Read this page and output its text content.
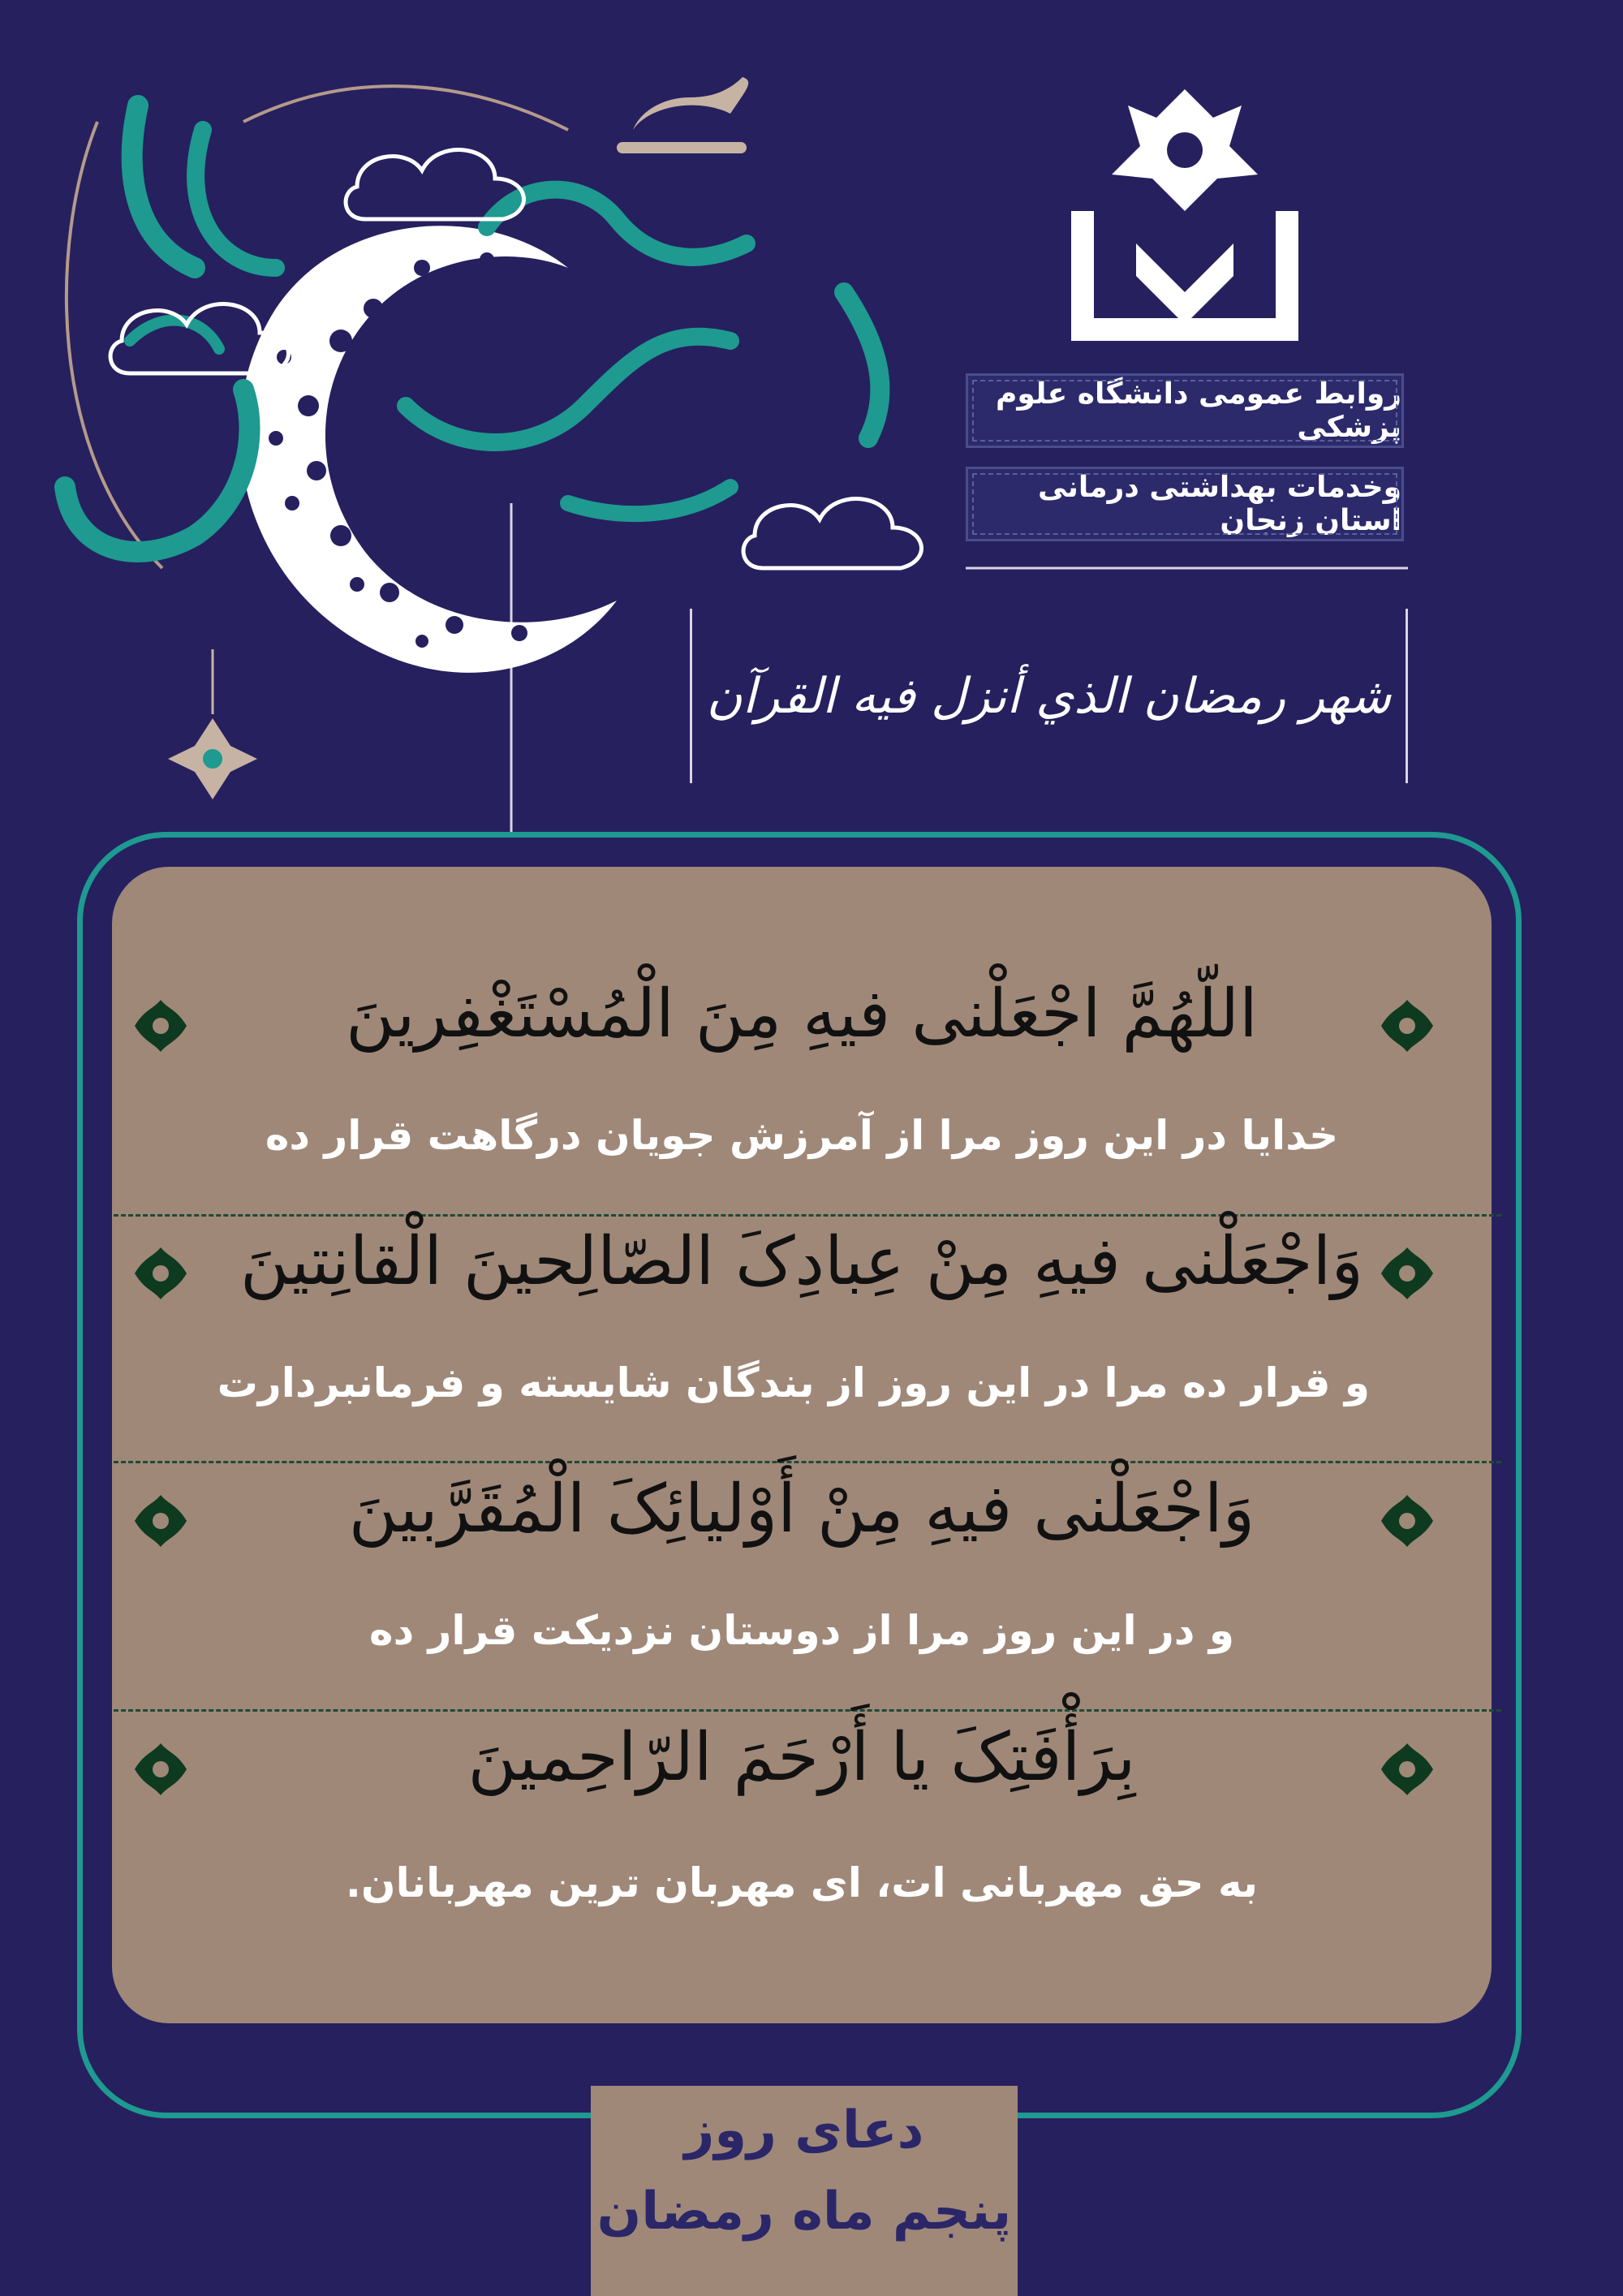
روابط عمومی دانشگاه علوم پزشکی
وخدمات بهداشتی درمانی استان زنجان
شهر رمضان الذي أنزل فيه القرآن
اللّهُمَّ اجْعَلْنی فیهِ مِنَ الْمُسْتَغْفِرینَ
خدایا در این روز مرا از آمرزش جویان درگاهت قرار ده
وَاجْعَلْنی فیهِ مِنْ عِبادِکَ الصّالِحینَ الْقانِتینَ
و قرار ده مرا در این روز از بندگان شایسته و فرمانبردارت
وَاجْعَلْنی فیهِ مِنْ أَوْلیائِکَ الْمُقَرَّبینَ
و در این روز مرا از دوستان نزدیکت قرار ده
بِرَأْفَتِکَ یا أَرْحَمَ الرّاحِمینَ
به حق مهربانی ات، ای مهربان ترین مهربانان.
دعای روز
پنجم ماه رمضان
